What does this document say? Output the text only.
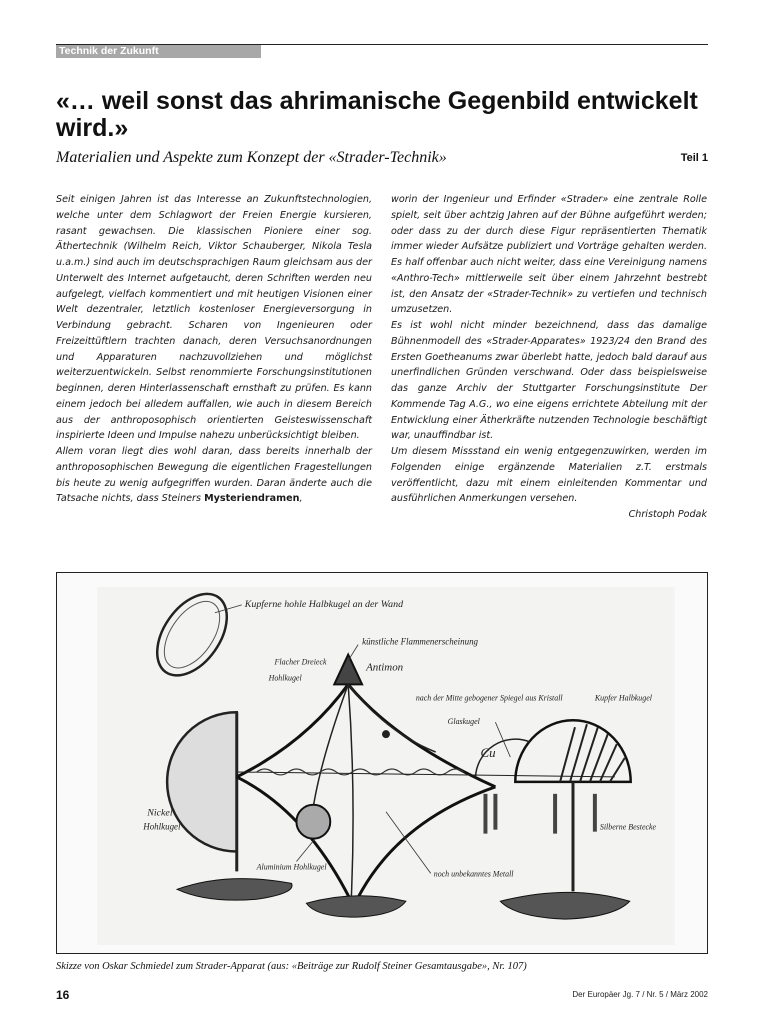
Technik der Zukunft
«… weil sonst das ahrimanische Gegenbild entwickelt wird.»
Materialien und Aspekte zum Konzept der «Strader-Technik»	Teil 1

Seit einigen Jahren ist das Interesse an Zukunftstechnologien, welche unter dem Schlagwort der Freien Energie kursieren, rasant gewachsen. Die klassischen Pioniere einer sog. Äthertechnik (Wilhelm Reich, Viktor Schauberger, Nikola Tesla u.a.m.) sind auch im deutschsprachigen Raum gleichsam aus der Unterwelt des Internet aufgetaucht, deren Schriften werden neu aufgelegt, vielfach kommentiert und mit heutigen Visionen einer Welt dezentraler, letztlich kostenloser Energieversorgung in Verbindung gebracht. Scharen von Ingenieuren oder Freizeittüftlern trachten danach, deren Versuchsanordnungen und Apparaturen nachzuvollziehen und möglichst weiterzuentwickeln. Selbst renommierte Forschungsinstitutionen beginnen, deren Hinterlassenschaft ernsthaft zu prüfen. Es kann einem jedoch bei alledem auffallen, wie auch in diesem Bereich aus der anthroposophisch orientierten Geisteswissenschaft inspirierte Ideen und Impulse nahezu unberücksichtigt bleiben.

Allem voran liegt dies wohl daran, dass bereits innerhalb der anthroposophischen Bewegung die eigentlichen Fragestellungen bis heute zu wenig aufgegriffen wurden. Daran änderte auch die Tatsache nichts, dass Steiners Mysteriendramen,

worin der Ingenieur und Erfinder «Strader» eine zentrale Rolle spielt, seit über achtzig Jahren auf der Bühne aufgeführt werden; oder dass zu der durch diese Figur repräsentierten Thematik immer wieder Aufsätze publiziert und Vorträge gehalten werden. Es half offenbar auch nicht weiter, dass eine Vereinigung namens «Anthro-Tech» mittlerweile seit über einem Jahrzehnt bestrebt ist, den Ansatz der «Strader-Technik» zu vertiefen und technisch umzusetzen.

Es ist wohl nicht minder bezeichnend, dass das damalige Bühnenmodell des «Strader-Apparates» 1923/24 den Brand des Ersten Goetheanums zwar überlebt hatte, jedoch bald darauf aus unerfindlichen Gründen verschwand. Oder dass beispielsweise das ganze Archiv der Stuttgarter Forschungsinstitute Der Kommende Tag A.G., wo eine eigens errichtete Abteilung mit der Entwicklung einer Ätherkräfte nutzenden Technologie beschäftigt war, unauffindbar ist.

Um diesem Missstand ein wenig entgegenzuwirken, werden im Folgenden einige ergänzende Materialien z.T. erstmals veröffentlicht, dazu mit einem einleitenden Kommentar und ausführlichen Anmerkungen versehen.

Christoph Podak

Kupferne hohle Halbkugel an der Wand
künstliche Flammenerscheinung
Flacher Dreieck
Hohlkugel
Antimon
nach der Mitte gebogener Spiegel aus Kristall	Kupfer Halbkugel
Glaskugel
Cu
Nickel
Hohlkugel	Silberne Bestecke
Aluminium Hohlkugel
noch unbekanntes Metall
Skizze von Oskar Schmiedel zum Strader-Apparat (aus: «Beiträge zur Rudolf Steiner Gesamtausgabe», Nr. 107)
16	Der Europäer Jg. 7 / Nr. 5 / März 2002
